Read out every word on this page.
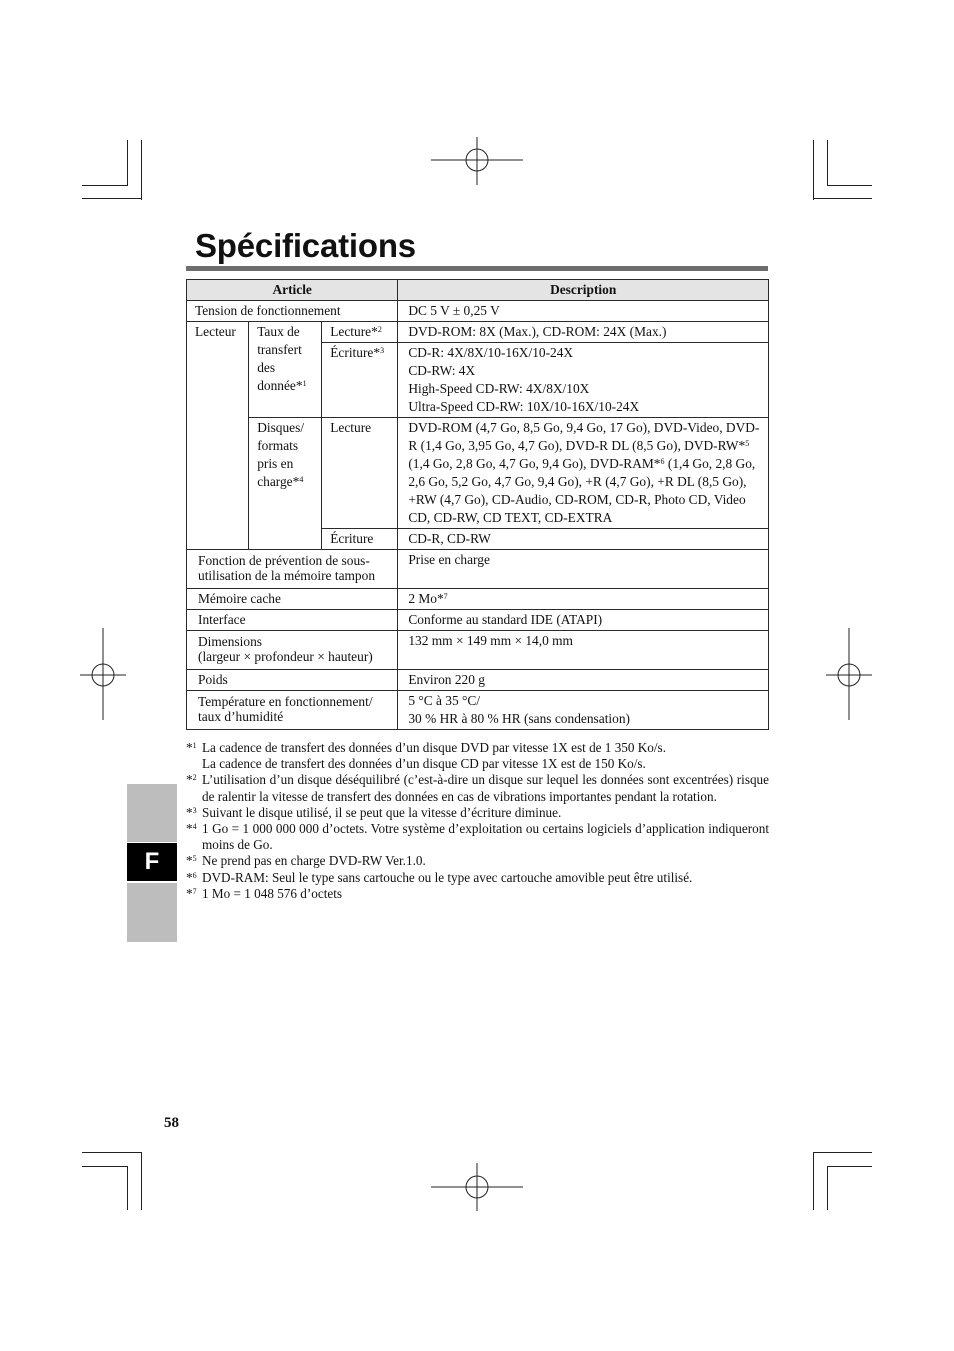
Spécifications
Article			Description
Tension de fonctionnement			DC 5 V ± 0,25 V
Lecteur	Taux de transfert des donnée*$^1$	Lecture*$^2$	DVD-ROM: 8X (Max.), CD-ROM: 24X (Max.)
		Écriture*$^3$	CD-R: 4X/8X/10-16X/10-24X
CD-RW: 4X
High-Speed CD-RW: 4X/8X/10X
Ultra-Speed CD-RW: 10X/10-16X/10-24X

	Disques/ formats pris en charge*$^4$	Lecture	DVD-ROM (4,7 Go, 8,5 Go, 9,4 Go, 17 Go), DVD-Video, DVD-R (1,4 Go, 3,95 Go, 4,7 Go), DVD-R DL (8,5 Go), DVD-RW*$^5$ (1,4 Go, 2,8 Go, 4,7 Go, 9,4 Go), DVD-RAM*$^6$ (1,4 Go, 2,8 Go, 2,6 Go, 5,2 Go, 4,7 Go, 9,4 Go), +R (4,7 Go), +R DL (8,5 Go), +RW (4,7 Go), CD-Audio, CD-ROM, CD-R, Photo CD, Video CD, CD-RW, CD TEXT, CD-EXTRA
		Écriture	CD-R, CD-RW
Fonction de prévention de sous-utilisation de la mémoire tampon			Prise en charge
Mémoire cache			2 Mo*$^7$
Interface			Conforme au standard IDE (ATAPI)

Dimensions
(largeur × profondeur × hauteur)			132 mm × 149 mm × 14,0 mm
Poids			Environ 220 g
Température en fonctionnement/ taux d’humidité			5 °C à 35 °C/
30 % HR à 80 % HR (sans condensation)
*$^1$ La cadence de transfert des données d’un disque DVD par vitesse 1X est de 1 350 Ko/s.
La cadence de transfert des données d’un disque CD par vitesse 1X est de 150 Ko/s.
*$^2$ L’utilisation d’un disque déséquilibré (c’est-à-dire un disque sur lequel les données sont excentrées) risque de ralentir la vitesse de transfert des données en cas de vibrations importantes pendant la rotation.
*$^3$ Suivant le disque utilisé, il se peut que la vitesse d’écriture diminue.
*$^4$ 1 Go = 1 000 000 000 d’octets. Votre système d’exploitation ou certains logiciels d’application indiqueront moins de Go.
*$^5$ Ne prend pas en charge DVD-RW Ver.1.0.
*$^6$ DVD-RAM: Seul le type sans cartouche ou le type avec cartouche amovible peut être utilisé.
*$^7$ 1 Mo = 1 048 576 d’octets
F
58
